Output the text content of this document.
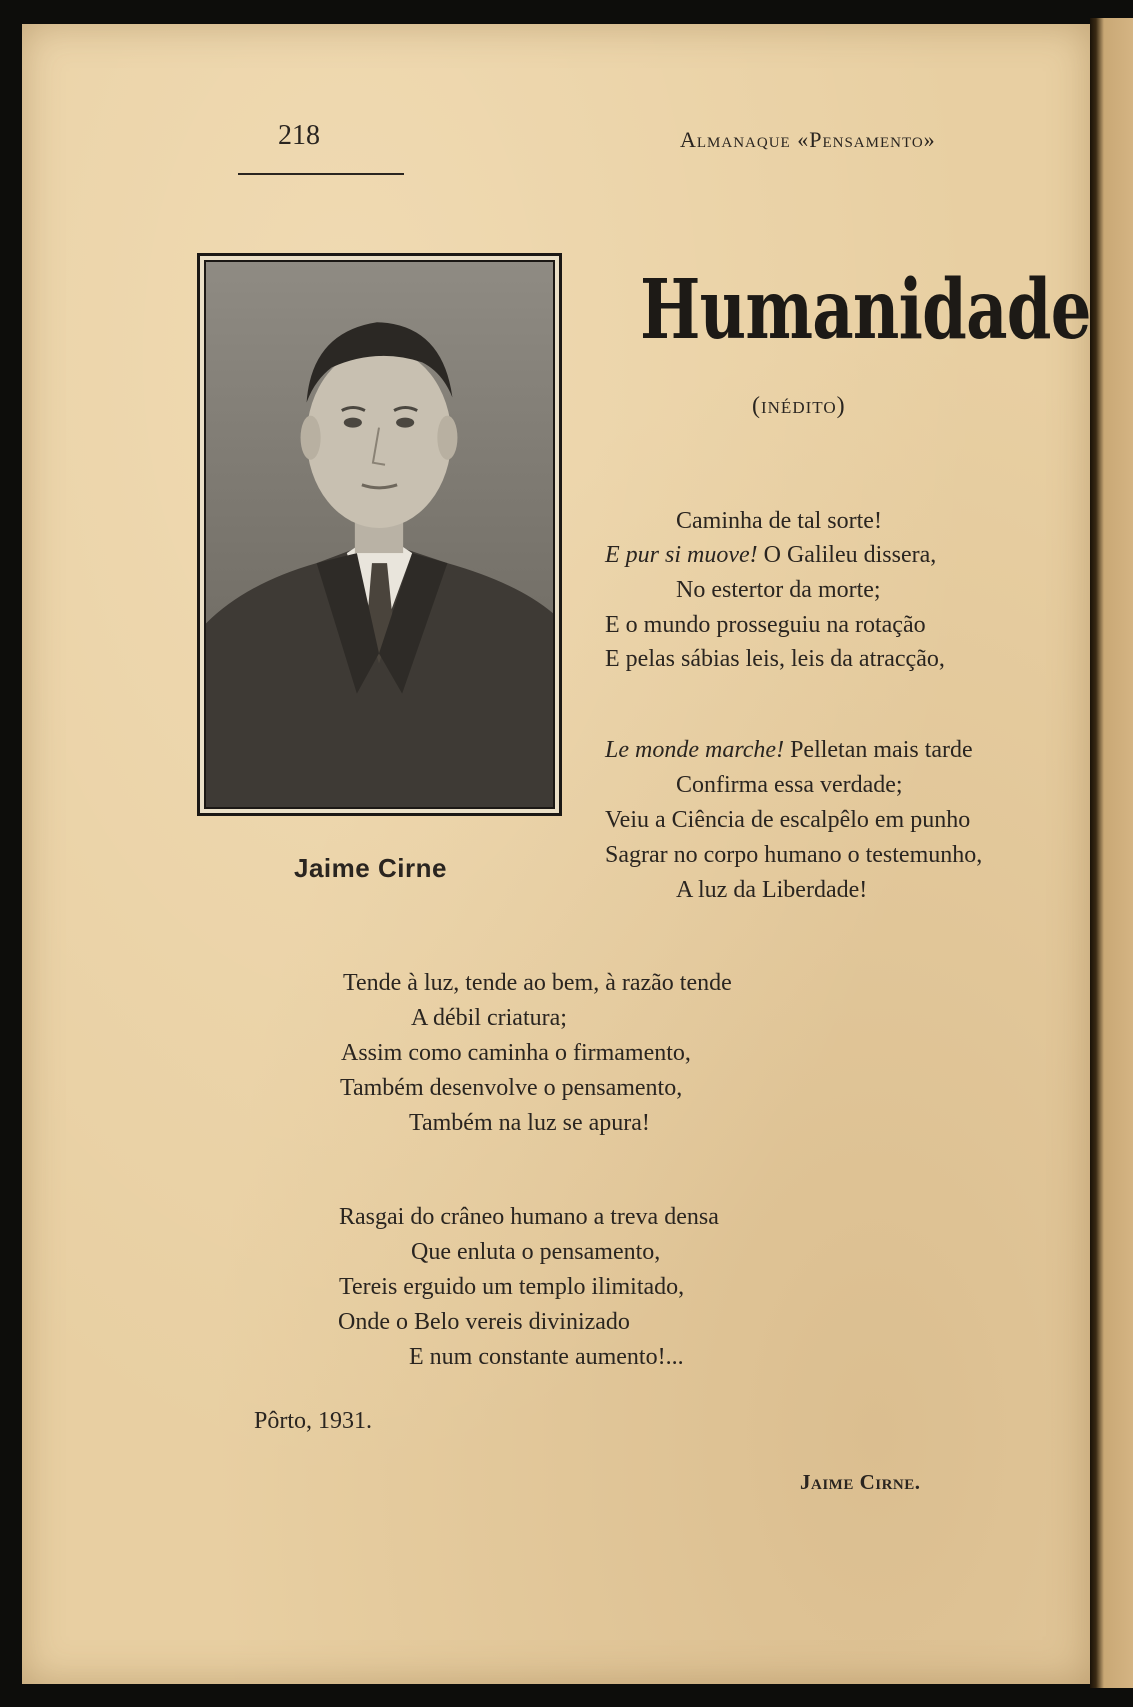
218	Almanaque «Pensamento»
Jaime Cirne
Humanidade
(inédito)
Caminha de tal sorte!
E pur si muove! O Galileu dissera,
No estertor da morte;
E o mundo prosseguiu na rotação
E pelas sábias leis, leis da atracção,
Le monde marche! Pelletan mais tarde
Confirma essa verdade;
Veiu a Ciência de escalpêlo em punho
Sagrar no corpo humano o testemunho,
A luz da Liberdade!
Tende à luz, tende ao bem, à razão tende
A débil criatura;
Assim como caminha o firmamento,
Também desenvolve o pensamento,
Também na luz se apura!
Rasgai do crâneo humano a treva densa
Que enluta o pensamento,
Tereis erguido um templo ilimitado,
Onde o Belo vereis divinizado
E num constante aumento!...
Pôrto, 1931.
Jaime Cirne.
